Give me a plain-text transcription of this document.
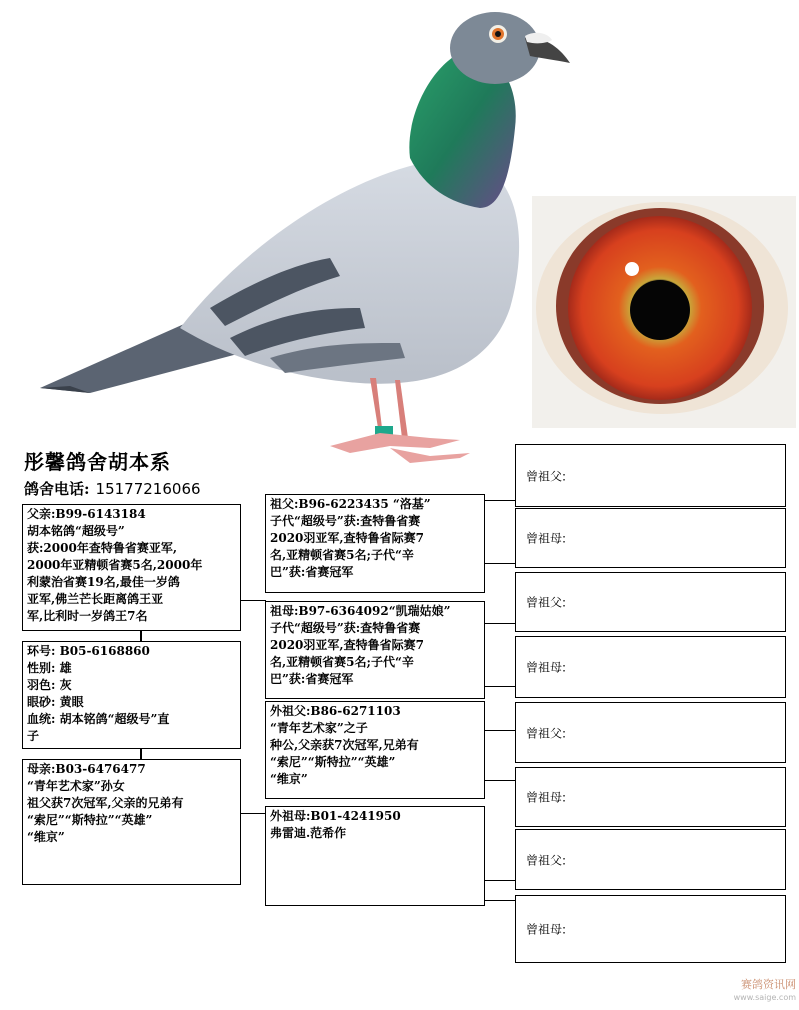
彤馨鸽舍胡本系
鸽舍电话: 15177216066
父亲:B99-6143184
胡本铭鸽“超级号”
获:2000年查特鲁省赛亚军,
2000年亚精顿省赛5名,2000年
利蒙治省赛19名,最佳一岁鸽
亚军,佛兰芒长距离鸽王亚
军,比利时一岁鸽王7名
环号: B05-6168860
性别: 雄
羽色: 灰
眼砂: 黄眼
血统: 胡本铭鸽“超级号”直
子
母亲:B03-6476477
“青年艺术家”孙女
祖父获7次冠军,父亲的兄弟有
“索尼”“斯特拉”“英雄”
“维京”
祖父:B96-6223435 “洛基”
子代“超级号”获:查特鲁省赛
2020羽亚军,查特鲁省际赛7
名,亚精顿省赛5名;子代“辛
巴”获:省赛冠军
祖母:B97-6364092“凯瑞姑娘”
子代“超级号”获:查特鲁省赛
2020羽亚军,查特鲁省际赛7
名,亚精顿省赛5名;子代“辛
巴”获:省赛冠军
外祖父:B86-6271103
“青年艺术家”之子
种公,父亲获7次冠军,兄弟有
“索尼”“斯特拉”“英雄”
“维京”
外祖母:B01-4241950
弗雷迪.范希作
曾祖父:
曾祖母:
曾祖父:
曾祖母:
曾祖父:
曾祖母:
曾祖父:
曾祖母:
赛鸽资讯网
www.saige.com
